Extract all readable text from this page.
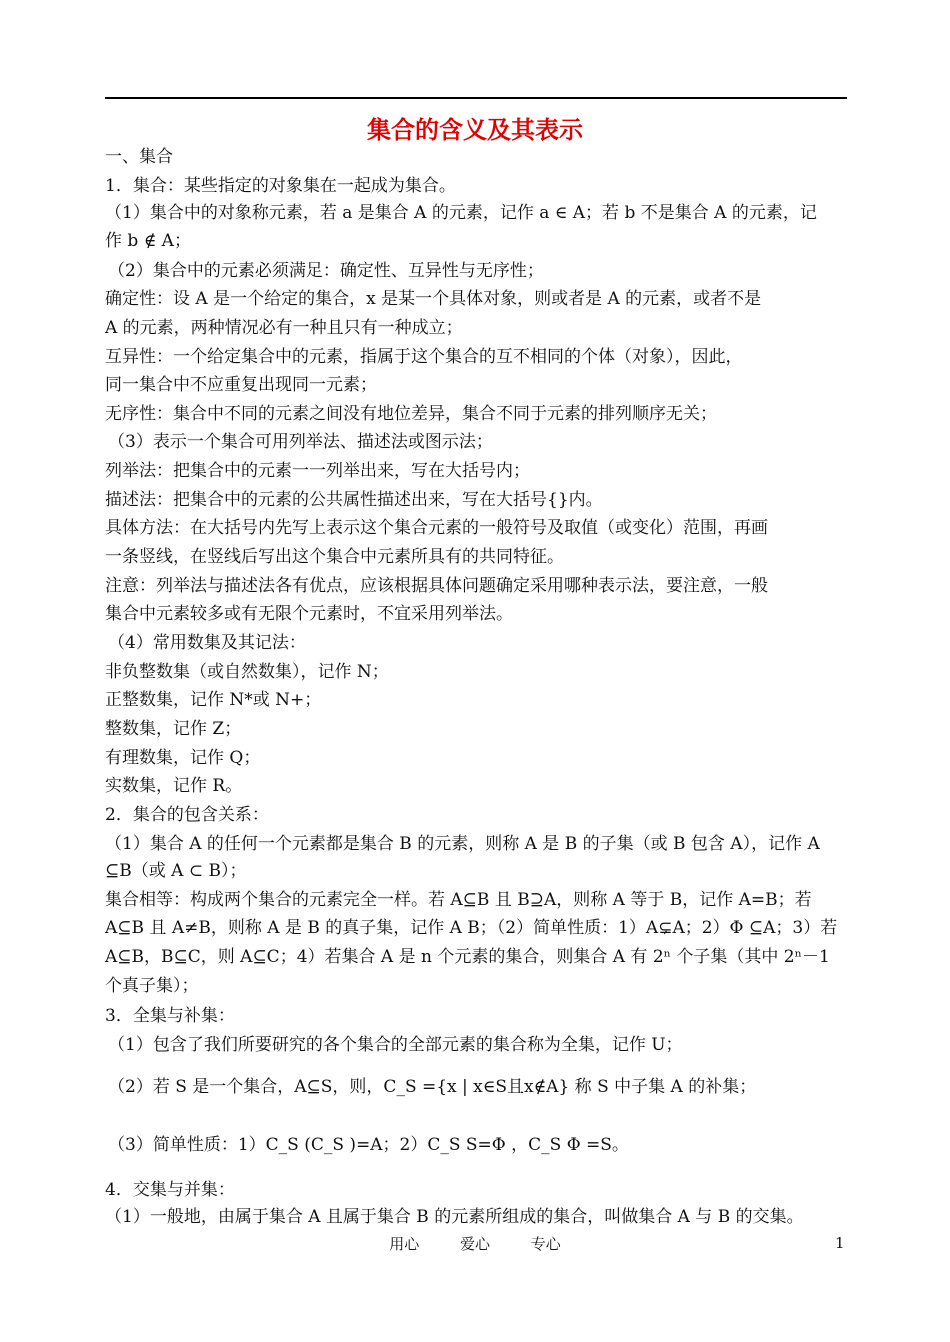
集合的含义及其表示
一、集合
1．集合：某些指定的对象集在一起成为集合。
（1）集合中的对象称元素，若 a 是集合 A 的元素，记作 a ∈ A；若 b 不是集合 A 的元素，记
作 b ∉ A；
（2）集合中的元素必须满足：确定性、互异性与无序性；
确定性：设 A 是一个给定的集合，x 是某一个具体对象，则或者是 A 的元素，或者不是
A 的元素，两种情况必有一种且只有一种成立；
互异性：一个给定集合中的元素，指属于这个集合的互不相同的个体（对象），因此，
同一集合中不应重复出现同一元素；
无序性：集合中不同的元素之间没有地位差异，集合不同于元素的排列顺序无关；
（3）表示一个集合可用列举法、描述法或图示法；
列举法：把集合中的元素一一列举出来，写在大括号内；
描述法：把集合中的元素的公共属性描述出来，写在大括号{}内。
具体方法：在大括号内先写上表示这个集合元素的一般符号及取值（或变化）范围，再画
一条竖线，在竖线后写出这个集合中元素所具有的共同特征。
注意：列举法与描述法各有优点，应该根据具体问题确定采用哪种表示法，要注意，一般
集合中元素较多或有无限个元素时，不宜采用列举法。
（4）常用数集及其记法：
非负整数集（或自然数集），记作 N；
正整数集，记作 N*或 N+；
整数集，记作 Z；
有理数集，记作 Q；
实数集，记作 R。
2．集合的包含关系：
（1）集合 A 的任何一个元素都是集合 B 的元素，则称 A 是 B 的子集（或 B 包含 A），记作 A
⊆B（或 A ⊂ B）；
集合相等：构成两个集合的元素完全一样。若 A⊆B 且 B⊇A，则称 A 等于 B，记作 A=B；若
A⊆B 且 A≠B，则称 A 是 B 的真子集，记作 A B；（2）简单性质：1）A⊊A；2）Φ ⊆A；3）若
A⊆B，B⊆C，则 A⊆C；4）若集合 A 是 n 个元素的集合，则集合 A 有 2ⁿ 个子集（其中 2ⁿ－1
个真子集）；
3．全集与补集：
（1）包含了我们所要研究的各个集合的全部元素的集合称为全集，记作 U；
（2）若 S 是一个集合，A⊆S，则，C_S ={x | x∈S且x∉A} 称 S 中子集 A 的补集；
（3）简单性质：1）C_S (C_S )=A；2）C_S S=Φ ，C_S Φ =S。
4．交集与并集：
（1）一般地，由属于集合 A 且属于集合 B 的元素所组成的集合，叫做集合 A 与 B 的交集。
用心	爱心	专心	1
